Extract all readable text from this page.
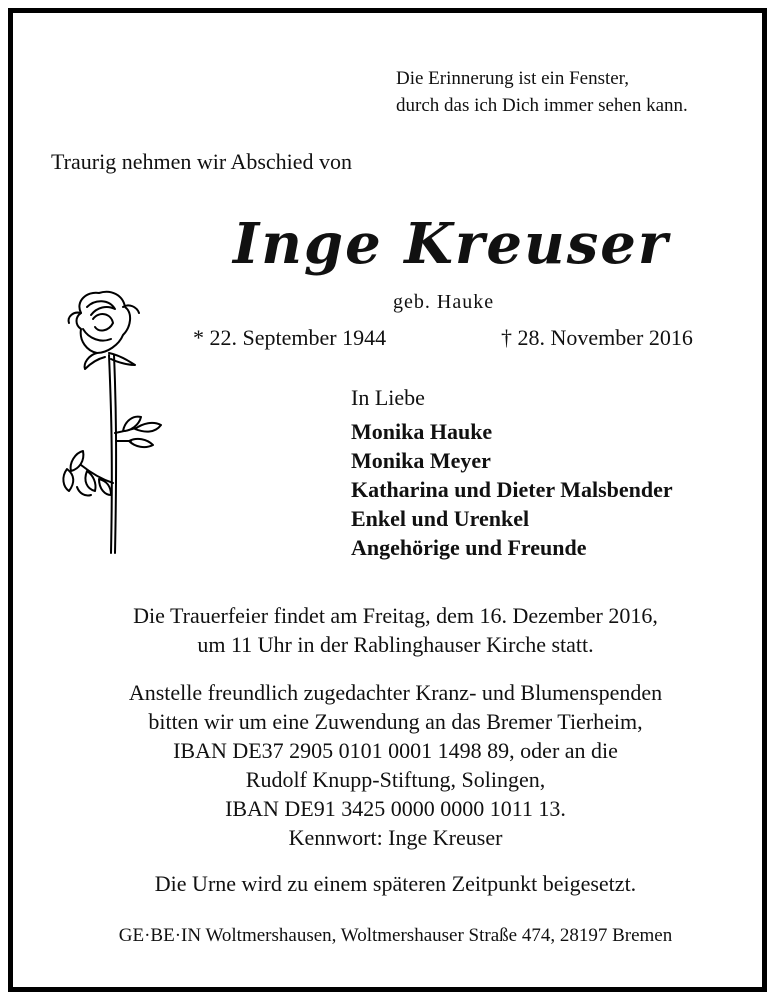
Die Erinnerung ist ein Fenster,
durch das ich Dich immer sehen kann.
Traurig nehmen wir Abschied von
Inge Kreuser
geb. Hauke
* 22. September 1944	† 28. November 2016
In Liebe
Monika Hauke
Monika Meyer
Katharina und Dieter Malsbender
Enkel und Urenkel
Angehörige und Freunde
Die Trauerfeier findet am Freitag, dem 16. Dezember 2016,
um 11 Uhr in der Rablinghauser Kirche statt.
Anstelle freundlich zugedachter Kranz- und Blumenspenden
bitten wir um eine Zuwendung an das Bremer Tierheim,
IBAN DE37 2905 0101 0001 1498 89, oder an die
Rudolf Knupp-Stiftung, Solingen,
IBAN DE91 3425 0000 0000 1011 13.
Kennwort: Inge Kreuser
Die Urne wird zu einem späteren Zeitpunkt beigesetzt.
GE·BE·IN Woltmershausen, Woltmershauser Straße 474, 28197 Bremen
